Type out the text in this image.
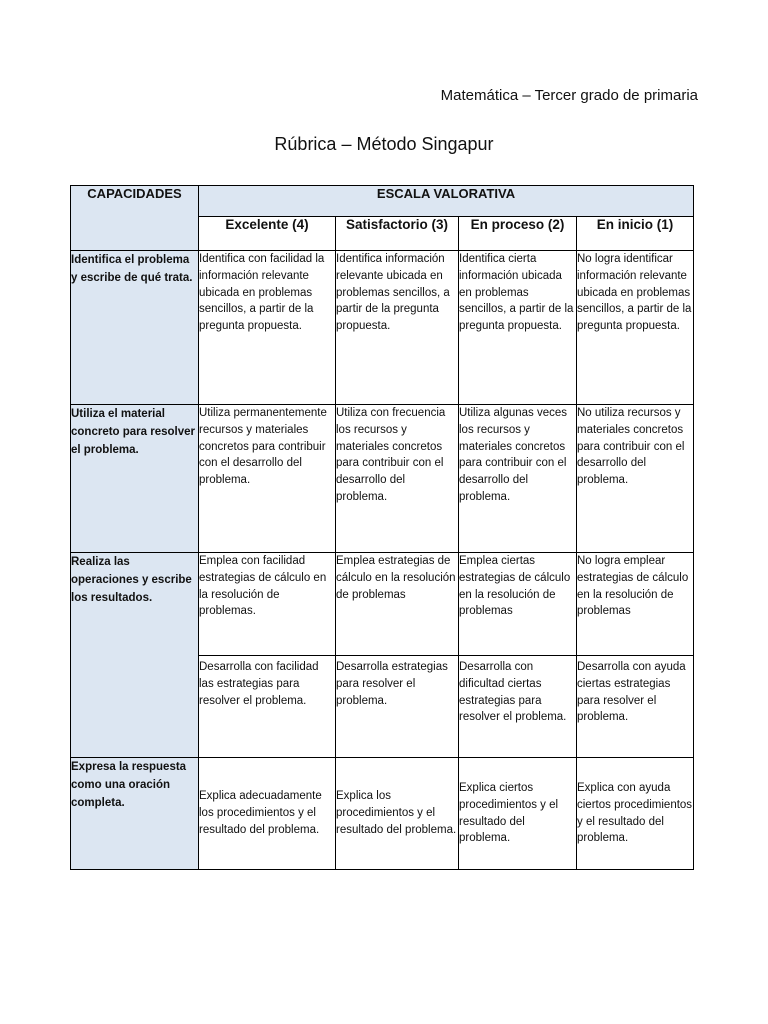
Matemática – Tercer grado de primaria
Rúbrica – Método Singapur
CAPACIDADES	ESCALA VALORATIVA			
	Excelente (4)	Satisfactorio (3)	En proceso (2)	En inicio (1)
Identifica el problema y escribe de qué trata.	Identifica con facilidad la información relevante ubicada en problemas sencillos, a partir de la pregunta propuesta.	Identifica información relevante ubicada en problemas sencillos, a partir de la pregunta propuesta.	Identifica cierta información ubicada en problemas sencillos, a partir de la pregunta propuesta.	No logra identificar información relevante ubicada en problemas sencillos, a partir de la pregunta propuesta.
Utiliza el material concreto para resolver el problema.	Utiliza permanentemente recursos y materiales concretos para contribuir con el desarrollo del problema.	Utiliza con frecuencia los recursos y materiales concretos para contribuir con el desarrollo del problema.	Utiliza algunas veces los recursos y materiales concretos para contribuir con el desarrollo del problema.	No utiliza recursos y materiales concretos para contribuir con el desarrollo del problema.
Realiza las operaciones y escribe los resultados.	Emplea con facilidad estrategias de cálculo en la resolución de problemas.	Emplea estrategias de cálculo en la resolución de problemas	Emplea ciertas estrategias de cálculo en la resolución de problemas	No logra emplear estrategias de cálculo en la resolución de problemas
	Desarrolla con facilidad las estrategias para resolver el problema.	Desarrolla estrategias para resolver el problema.	Desarrolla con dificultad ciertas estrategias para resolver el problema.	Desarrolla con ayuda ciertas estrategias para resolver el problema.
Expresa la respuesta como una oración completa.	Explica adecuadamente los procedimientos y el resultado del problema.	Explica los procedimientos y el resultado del problema.	Explica ciertos procedimientos y el resultado del problema.	Explica con ayuda ciertos procedimientos y el resultado del problema.
